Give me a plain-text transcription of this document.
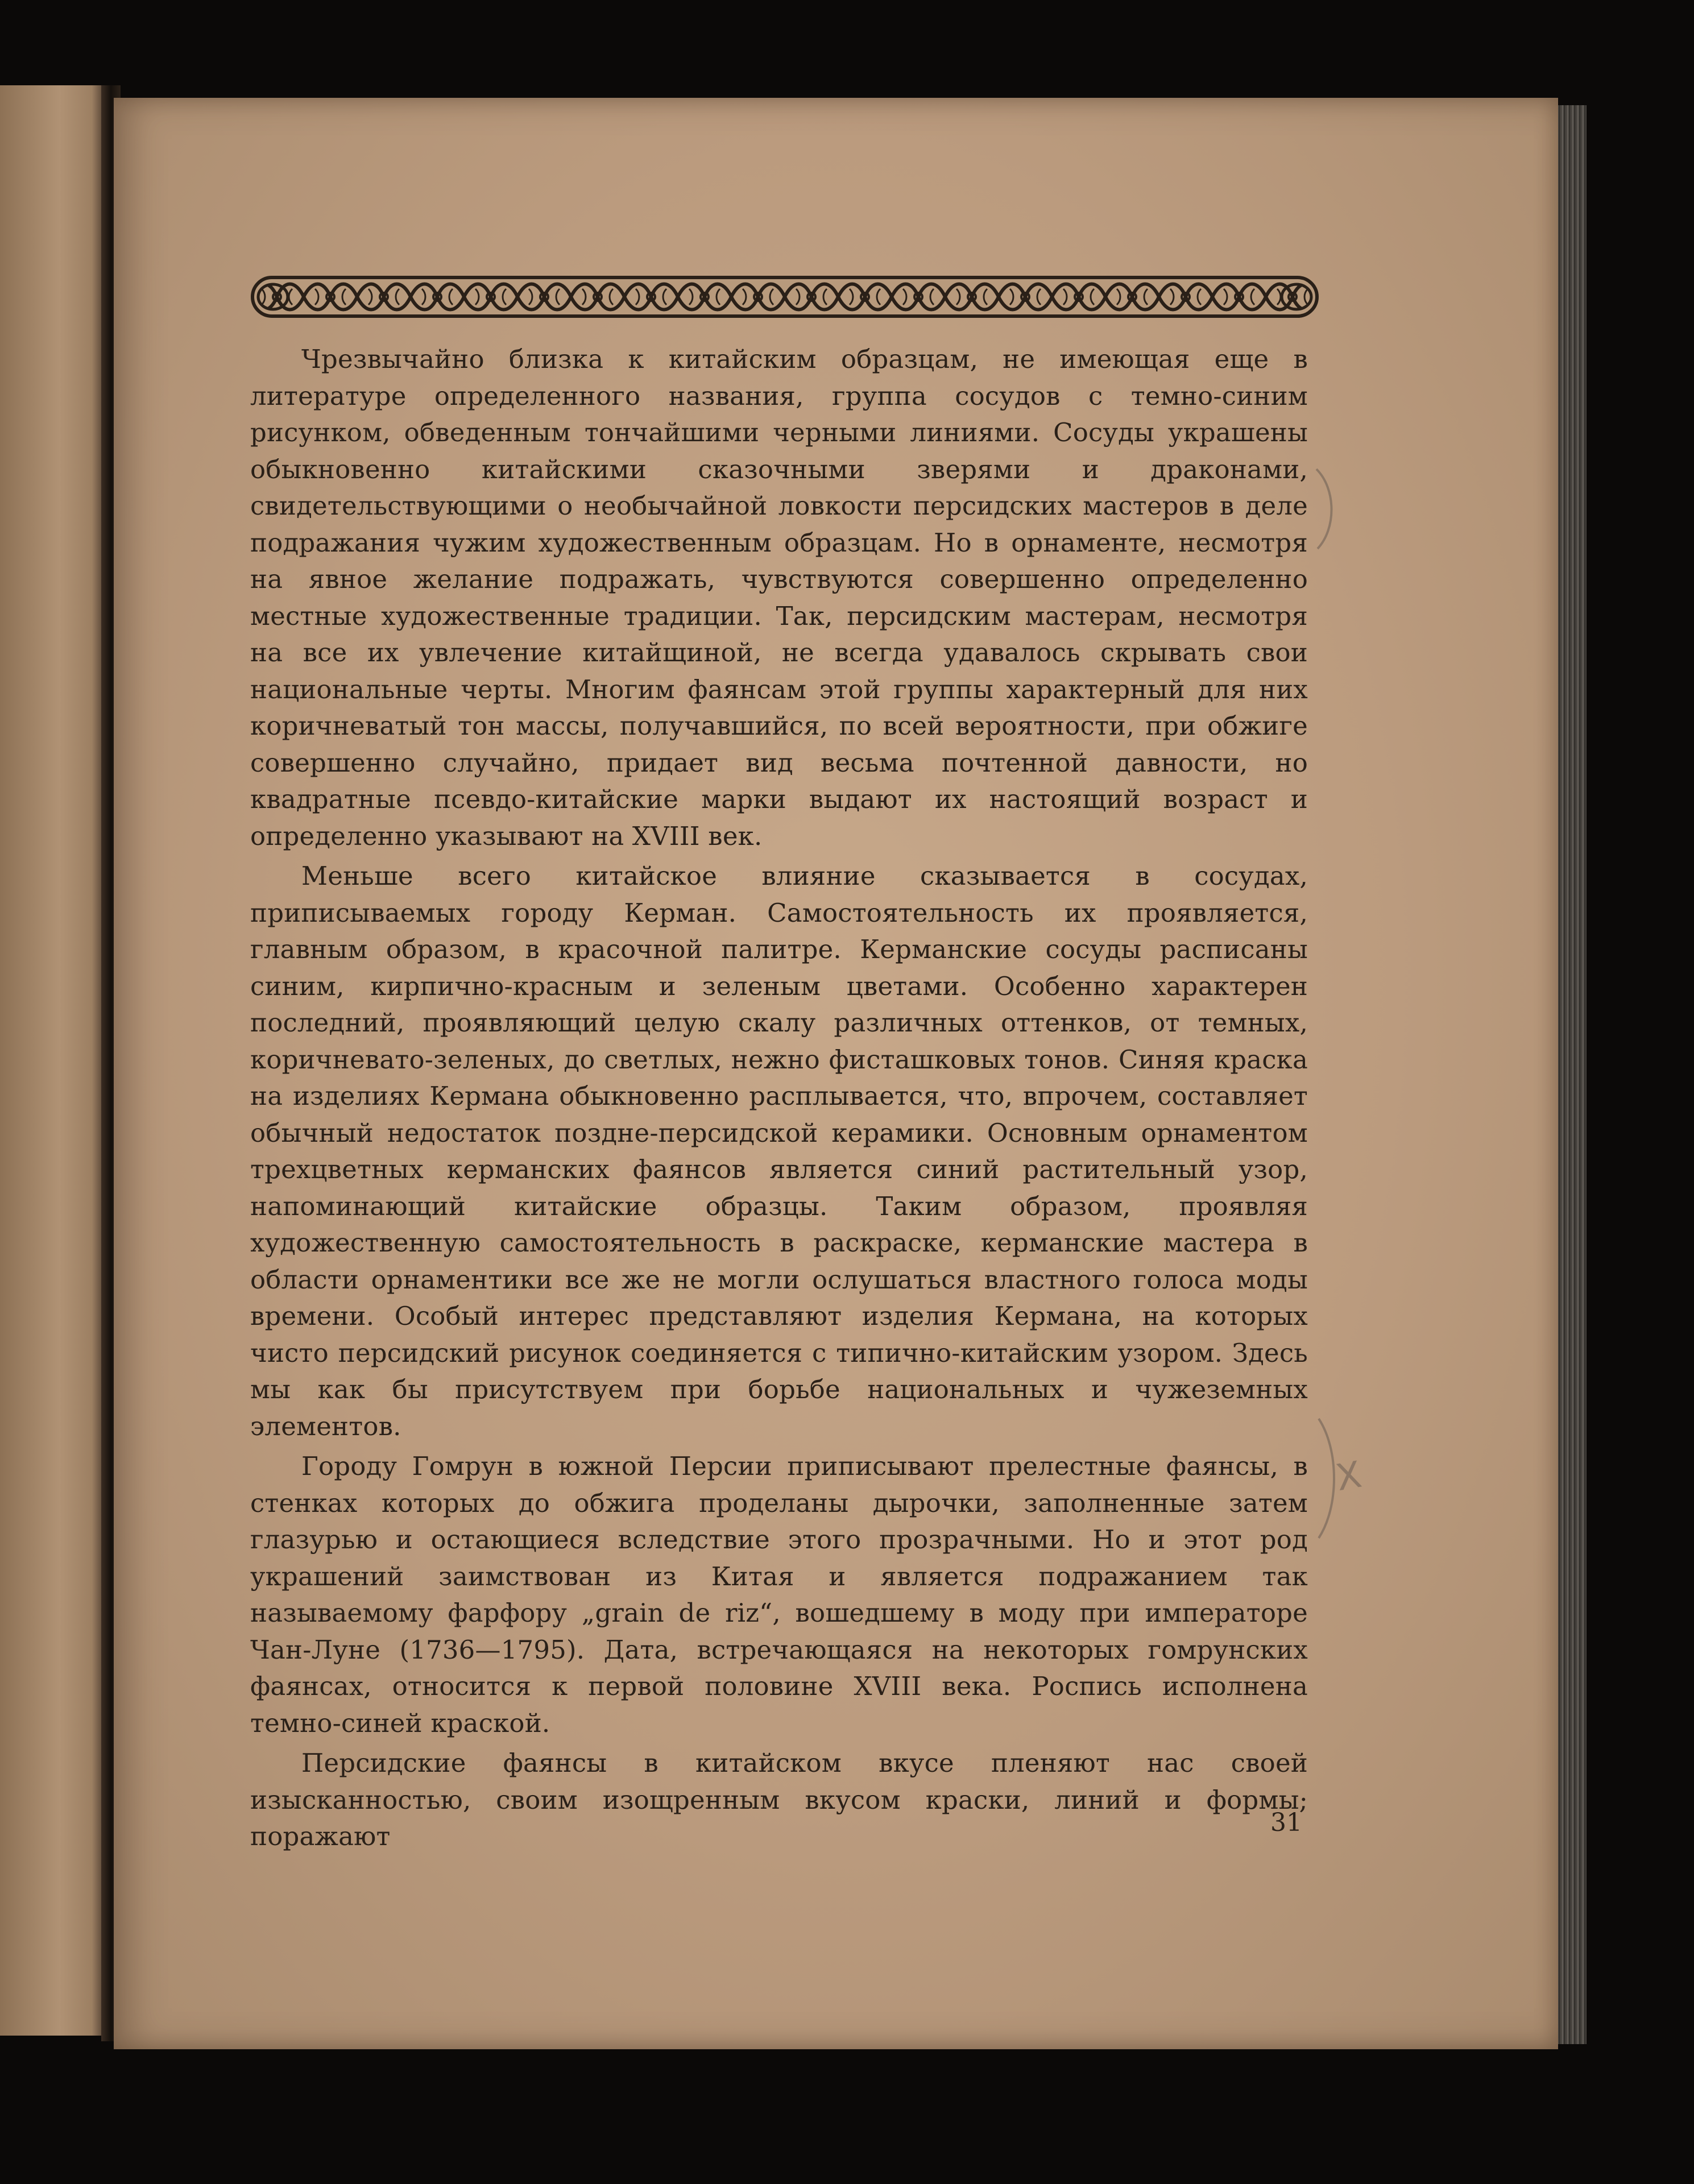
Чрезвычайно близка к китайским образцам, не имеющая еще в литературе определенного названия, группа сосудов с темно-синим рисунком, обведенным тончайшими черными линиями. Сосуды украшены обыкновенно китайскими сказочными зверями и драконами, свидетельствующими о необычайной ловкости персидских мастеров в деле подражания чужим художественным образцам. Но в орнаменте, несмотря на явное желание подражать, чувствуются совершенно определенно местные художественные традиции. Так, персидским мастерам, несмотря на все их увлечение китайщиной, не всегда удавалось скрывать свои национальные черты. Многим фаянсам этой группы характерный для них коричневатый тон массы, получавшийся, по всей вероятности, при обжиге совершенно случайно, придает вид весьма почтенной давности, но квадратные псевдо-китайские марки выдают их настоящий возраст и определенно указывают на XVIII век.

Меньше всего китайское влияние сказывается в сосудах, приписываемых городу Керман. Самостоятельность их проявляется, главным образом, в красочной палитре. Керманские сосуды расписаны синим, кирпично-красным и зеленым цветами. Особенно характерен последний, проявляющий целую скалу различных оттенков, от темных, коричневато-зеленых, до светлых, нежно фисташковых тонов. Синяя краска на изделиях Кермана обыкновенно расплывается, что, впрочем, составляет обычный недостаток поздне-персидской керамики. Основным орнаментом трехцветных керманских фаянсов является синий растительный узор, напоминающий китайские образцы. Таким образом, проявляя художественную самостоятельность в раскраске, керманские мастера в области орнаментики все же не могли ослушаться властного голоса моды времени. Особый интерес представляют изделия Кермана, на которых чисто персидский рисунок соединяется с типично-китайским узором. Здесь мы как бы присутствуем при борьбе национальных и чужеземных элементов.

Городу Гомрун в южной Персии приписывают прелестные фаянсы, в стенках которых до обжига проделаны дырочки, заполненные затем глазурью и остающиеся вследствие этого прозрачными. Но и этот род украшений заимствован из Китая и является подражанием так называемому фарфору „grain de riz“, вошедшему в моду при императоре Чан-Луне (1736—1795). Дата, встречающаяся на некоторых гомрунских фаянсах, относится к первой половине XVIII века. Роспись исполнена темно-синей краской.

Персидские фаянсы в китайском вкусе пленяют нас своей изысканностью, своим изощренным вкусом краски, линий и формы; поражают

X
31
